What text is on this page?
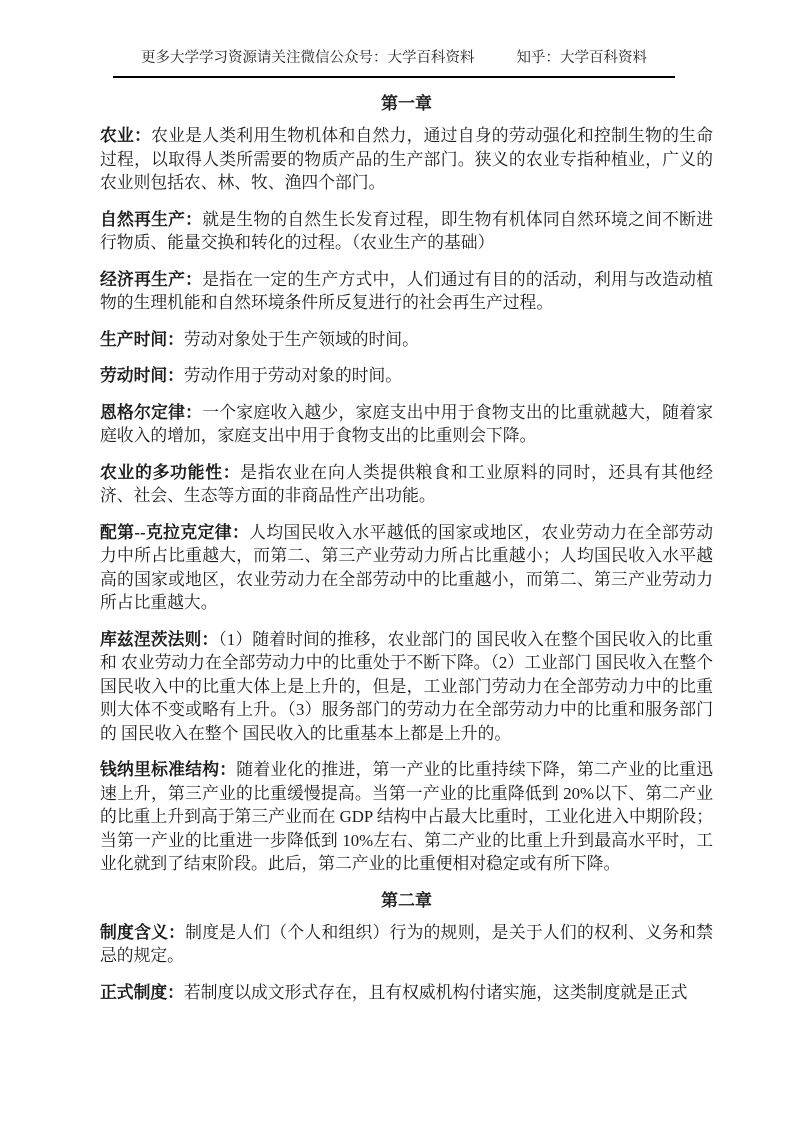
更多大学学习资源请关注微信公众号：大学百科资料	知乎：大学百科资料
第一章

农业：农业是人类利用生物机体和自然力，通过自身的劳动强化和控制生物的生命过程，以取得人类所需要的物质产品的生产部门。狭义的农业专指种植业，广义的农业则包括农、林、牧、渔四个部门。

自然再生产：就是生物的自然生长发育过程，即生物有机体同自然环境之间不断进行物质、能量交换和转化的过程。（农业生产的基础）

经济再生产：是指在一定的生产方式中，人们通过有目的的活动，利用与改造动植物的生理机能和自然环境条件所反复进行的社会再生产过程。

生产时间：劳动对象处于生产领域的时间。

劳动时间：劳动作用于劳动对象的时间。

恩格尔定律：一个家庭收入越少，家庭支出中用于食物支出的比重就越大，随着家庭收入的增加，家庭支出中用于食物支出的比重则会下降。

农业的多功能性：是指农业在向人类提供粮食和工业原料的同时，还具有其他经济、社会、生态等方面的非商品性产出功能。

配第--克拉克定律：人均国民收入水平越低的国家或地区，农业劳动力在全部劳动力中所占比重越大，而第二、第三产业劳动力所占比重越小；人均国民收入水平越高的国家或地区，农业劳动力在全部劳动中的比重越小，而第二、第三产业劳动力所占比重越大。

库兹涅茨法则：（1）随着时间的推移，农业部门的 国民收入在整个国民收入的比重和 农业劳动力在全部劳动力中的比重处于不断下降。（2）工业部门 国民收入在整个国民收入中的比重大体上是上升的，但是，工业部门劳动力在全部劳动力中的比重则大体不变或略有上升。（3）服务部门的劳动力在全部劳动力中的比重和服务部门的 国民收入在整个 国民收入的比重基本上都是上升的。

钱纳里标准结构：随着业化的推进，第一产业的比重持续下降，第二产业的比重迅速上升，第三产业的比重缓慢提高。当第一产业的比重降低到 20%以下、第二产业的比重上升到高于第三产业而在 GDP 结构中占最大比重时，工业化进入中期阶段；当第一产业的比重进一步降低到 10%左右、第二产业的比重上升到最高水平时，工业化就到了结束阶段。此后，第二产业的比重便相对稳定或有所下降。

第二章

制度含义：制度是人们（个人和组织）行为的规则，是关于人们的权利、义务和禁忌的规定。

正式制度：若制度以成文形式存在，且有权威机构付诸实施，这类制度就是正式
